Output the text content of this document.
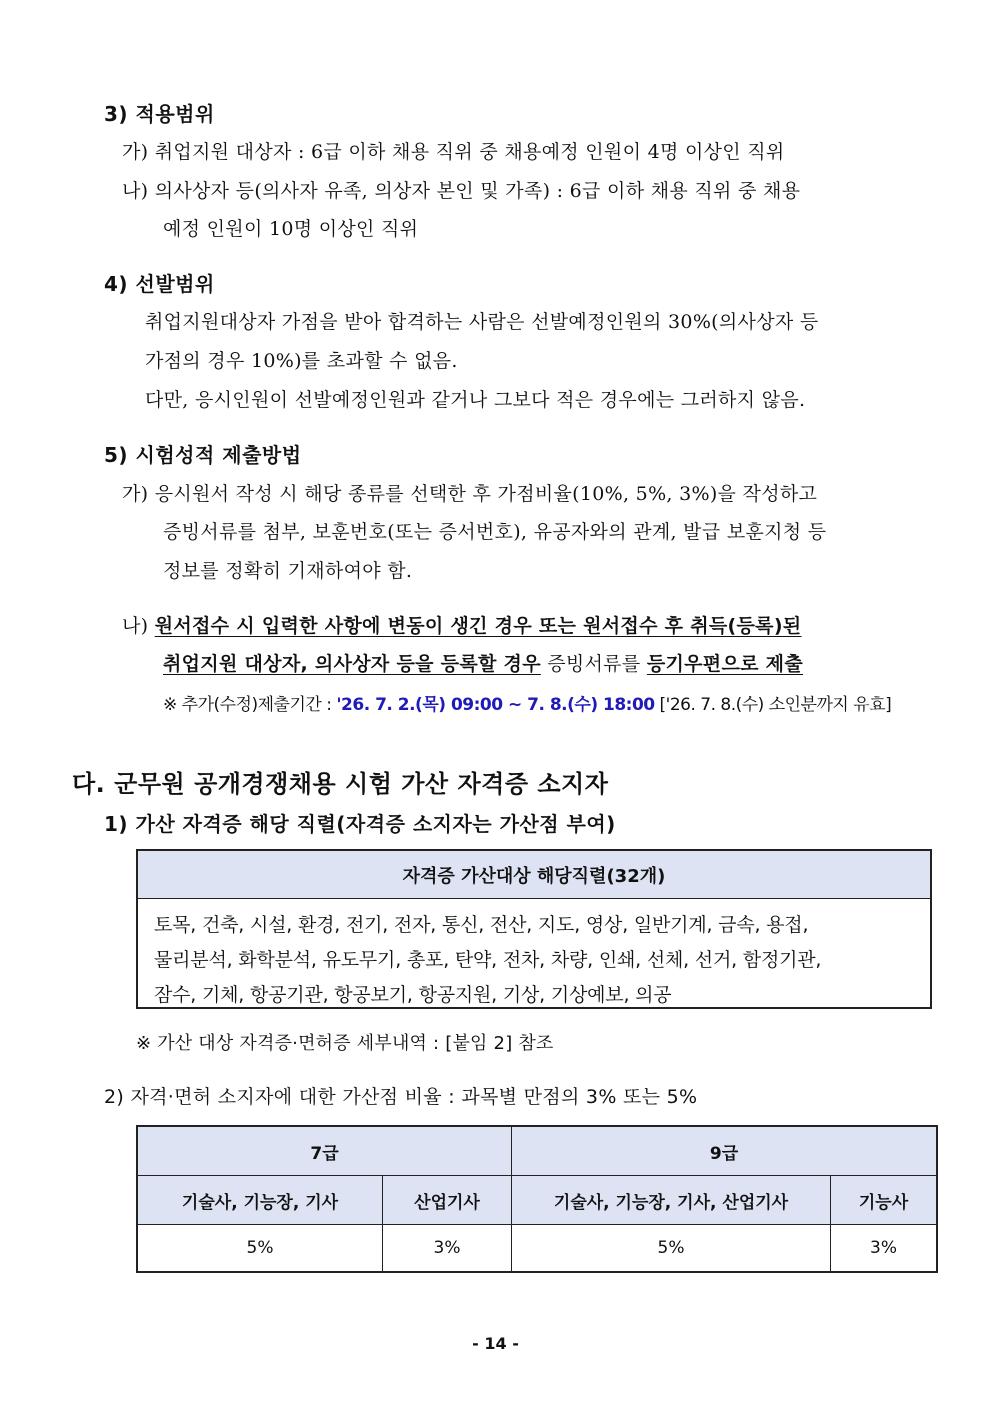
3) 적용범위
가) 취업지원 대상자 : 6급 이하 채용 직위 중 채용예정 인원이 4명 이상인 직위
나) 의사상자 등(의사자 유족, 의상자 본인 및 가족) : 6급 이하 채용 직위 중 채용
예정 인원이 10명 이상인 직위
4) 선발범위
취업지원대상자 가점을 받아 합격하는 사람은 선발예정인원의 30%(의사상자 등
가점의 경우 10%)를 초과할 수 없음.
다만, 응시인원이 선발예정인원과 같거나 그보다 적은 경우에는 그러하지 않음.
5) 시험성적 제출방법
가) 응시원서 작성 시 해당 종류를 선택한 후 가점비율(10%, 5%, 3%)을 작성하고
증빙서류를 첨부, 보훈번호(또는 증서번호), 유공자와의 관계, 발급 보훈지청 등
정보를 정확히 기재하여야 함.
나) 원서접수 시 입력한 사항에 변동이 생긴 경우 또는 원서접수 후 취득(등록)된
취업지원 대상자, 의사상자 등을 등록할 경우 증빙서류를 등기우편으로 제출
※ 추가(수정)제출기간 : '26. 7. 2.(목) 09:00 ~ 7. 8.(수) 18:00 ['26. 7. 8.(수) 소인분까지 유효]
다. 군무원 공개경쟁채용 시험 가산 자격증 소지자
1) 가산 자격증 해당 직렬(자격증 소지자는 가산점 부여)
자격증 가산대상 해당직렬(32개)
토목, 건축, 시설, 환경, 전기, 전자, 통신, 전산, 지도, 영상, 일반기계, 금속, 용접,
물리분석, 화학분석, 유도무기, 총포, 탄약, 전차, 차량, 인쇄, 선체, 선거, 함정기관,
잠수, 기체, 항공기관, 항공보기, 항공지원, 기상, 기상예보, 의공
※ 가산 대상 자격증·면허증 세부내역 : [붙임 2] 참조
2) 자격·면허 소지자에 대한 가산점 비율 : 과목별 만점의 3% 또는 5%
7급		9급	
기술사, 기능장, 기사	산업기사	기술사, 기능장, 기사, 산업기사	기능사
5%	3%	5%	3%
- 14 -
